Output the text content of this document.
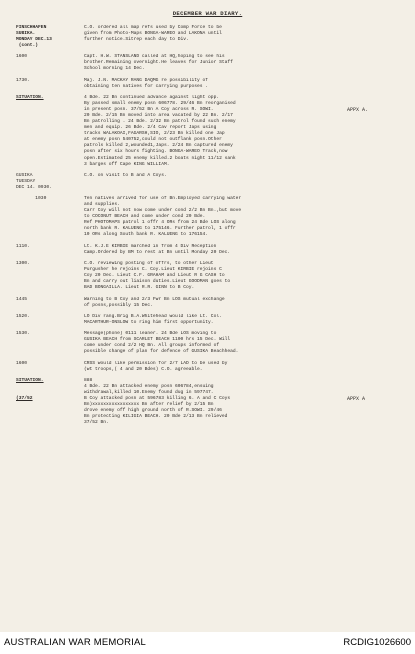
DECEMBER WAR DIARY.
FINSCHHAFEN
SUBIKA.
MONDAY DEC.13
(cont.)
C.O. ordered all map refs used by Comp Force to be
given from Photo-Maps BONGA-WAREO and LAKONA until
further notice.Sitrep each day to Div.
1600	Capt. H.W. STANSLAND called at HQ,hoping to see his
brother.Remaining overnight.He leaves for Junior Staff
School morning 14 Dec.
1730.	Maj. J.N. MACKAY RANG DAQMG re possibility of
obtaining ten natives for carrying purposes .
SITUATION.	4 Bde. 22 Bn continued advance against light opp.
By passed small enemy posn 606778. 29/46 Bn reorganised
in present posn. 37/52 Bn A Coy across R. SOWI.
20 Bde. 2/15 Bn moved into area vacated by 22 Bn. 2/17
Bn patrolling . 24 Bde. 2/32 Bn patrol found such enemy
men and equip. 26 Bde. 2/4 Cav report Japs using
tracks WALAKOAI,FAGARSH,SIO, 2/23 Bn killed one Jap
at enemy posn 540752,could not outflank posn.Other
patrols killed 2,wounded1,Japs. 2/24 Bn captured enemy
posn after six hours fighting. BONGA-WAREO Track,now
open.Estimated 25 enemy killed.2 boats night 11/12 sank
3 barges off Cape KING WILLIAM.
APPX A.
GUSIKA
TUESDAY
DEC 14. 0930.
C.O. on visit to B and A Coys.
1030	Ten natives arrived for use of Bn.Employed carrying water
and supplies.
Carr Coy will not now come under cond 2/2 Bn Bn.,but move
to COCONUT BEACH and come under cond 20 Bde.
Ref PHOTOMAPS patrol 1 offr 4 ORs from 24 Bde LOS along
north bank R. KALUENG to 175146. Further patrol, 1 offr
10 ORs along South bank R. KALUENG to 176154.
1110.	Lt. K.J.E KIRBIE marched in from 4 Div Reception
Camp.Ordered by BM to rest at Bn until Monday 20 Dec.
1300.	C.O. reviewing posting of offrs, to other Lieut
Purgusher he rejoins C. Coy.Lieut KIRBIE rejoins C
Coy 20 Dec. Lieut C.F. GRAHAM and Lieut R G CASH to
Bn and carry out liaison duties.Lieut GOODMAN goes to
BAD BONGAILLA. Lieut R.R. GINN to B Coy.
1445	Warning to B Coy and 2/3 Fwr Bn LOS mutual exchange
of posns,possibly 15 Dec.
1520.	LO Div rang.Brig B.A.Whitehead would like Lt. Col.
MACARTHUR-ONSLOW to ring him first opportunity.
1530.	Message(phone) 0111 leaner. 24 Bde LOS moving to
GUSIKA BEACH from SCARLET BEACH 1100 hrs 15 Dec. Will
come under cond 2/2 HQ Bn. All groups informed of
possible change of plan for defence of GUSIKA Beachhead.
1600	CRSS would like permission for 2/7 LAD to be used by
(wt troops,( 4 and 20 Bdes) C.O. agreeable.
SITUATION.

(37/52
888
4 Bde. 22 Bn attacked enemy posn 606784,ensuing
withdrawal,killed 10.Enemy found dug in 597747.
B Coy attacked posn at 596783 killing 6. A and C Coys
Bn)xxxxxxxxxxxxxxxxx Bn after relief by 2/15 Bn
drove enemy off high ground north of R.SOWI. 29/46
Bn protecting KILIGIA BEACH. 20 Bde 2/13 Bn relieved
37/52 Bn.
APPX A
AUSTRALIAN WAR MEMORIAL	RCDIG1026600
